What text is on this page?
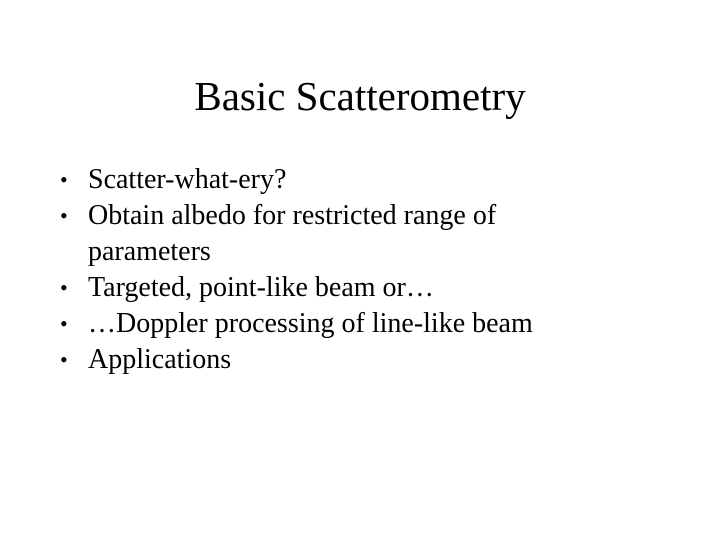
Basic Scatterometry
• Scatter-what-ery?
• Obtain albedo for restricted range of parameters
• Targeted, point-like beam or…
• …Doppler processing of line-like beam
• Applications
